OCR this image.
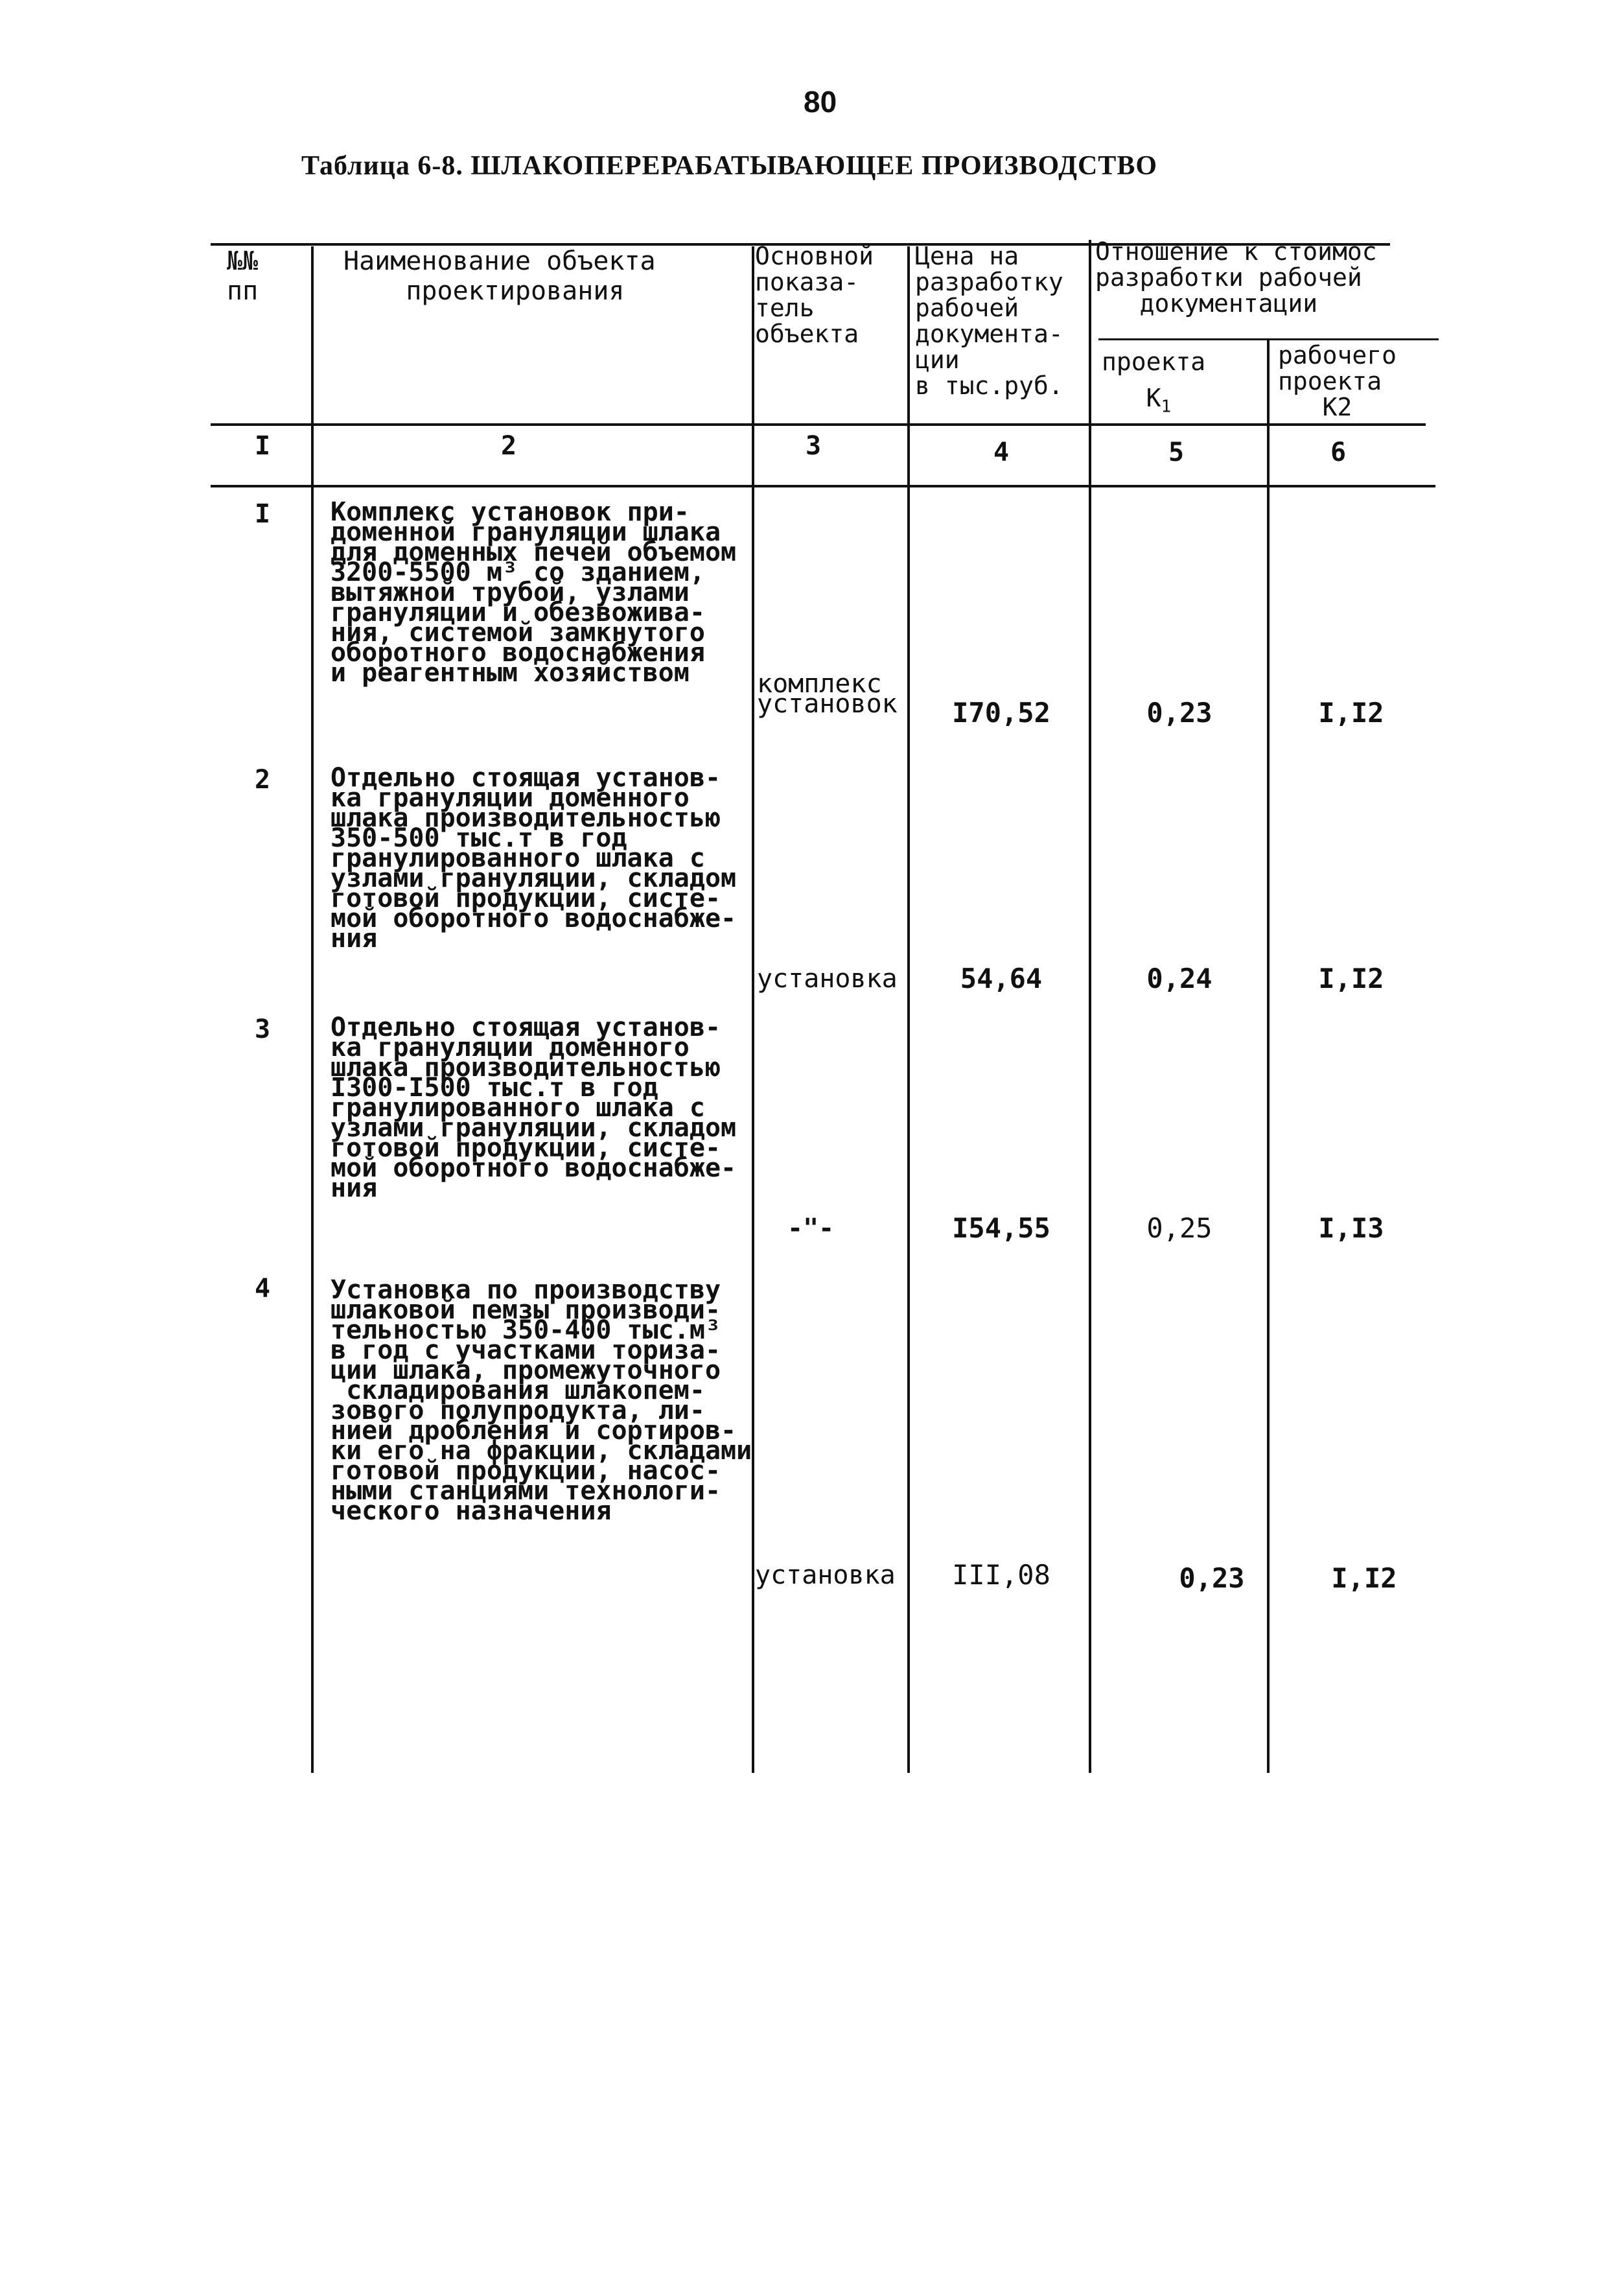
80
Таблица 6-8. ШЛАКОПЕРЕРАБАТЫВАЮЩЕЕ ПРОИЗВОДСТВО
№№
пп
Наименование объекта
проектирования
Основной
показа-
тель
объекта
Цена на
разработку
рабочей
документа-
ции
в тыс.руб.
Отношение к стоимос
разработки рабочей
документации
проекта
$К_1$
рабочего
проекта
К2
I	2	3	4	5	6
I	Комплекс установок при-
доменной грануляции шлака
для доменных печей объемом
3200-5500 м³ со зданием,
вытяжной трубой, узлами
грануляции и обезвожива-
ния, системой замкнутого
оборотного водоснабжения
и реагентным хозяйством	комплекс
установок	I70,52	0,23	I,I2
2	Отдельно стоящая установ-
ка грануляции доменного
шлака производительностью
350-500 тыс.т в год
гранулированного шлака с
узлами грануляции, складом
готовой продукции, систе-
мой оборотного водоснабже-
ния
установка	54,64	0,24	I,I2
3	Отдельно стоящая установ-
ка грануляции доменного
шлака производительностью
I300-I500 тыс.т в год
гранулированного шлака с
узлами грануляции, складом
готовой продукции, систе-
мой оборотного водоснабже-
ния
-"-	I54,55	0,25	I,I3
4	Установка по производству
шлаковой пемзы производи-
тельностью 350-400 тыс.м³
в год с участками ториза-
ции шлака, промежуточного
складирования шлакопем-
зового полупродукта, ли-
нией дробления и сортиров-
ки его на фракции, складами
готовой продукции, насос-
ными станциями технологи-
ческого назначения
установка	III,08	0,23	I,I2
